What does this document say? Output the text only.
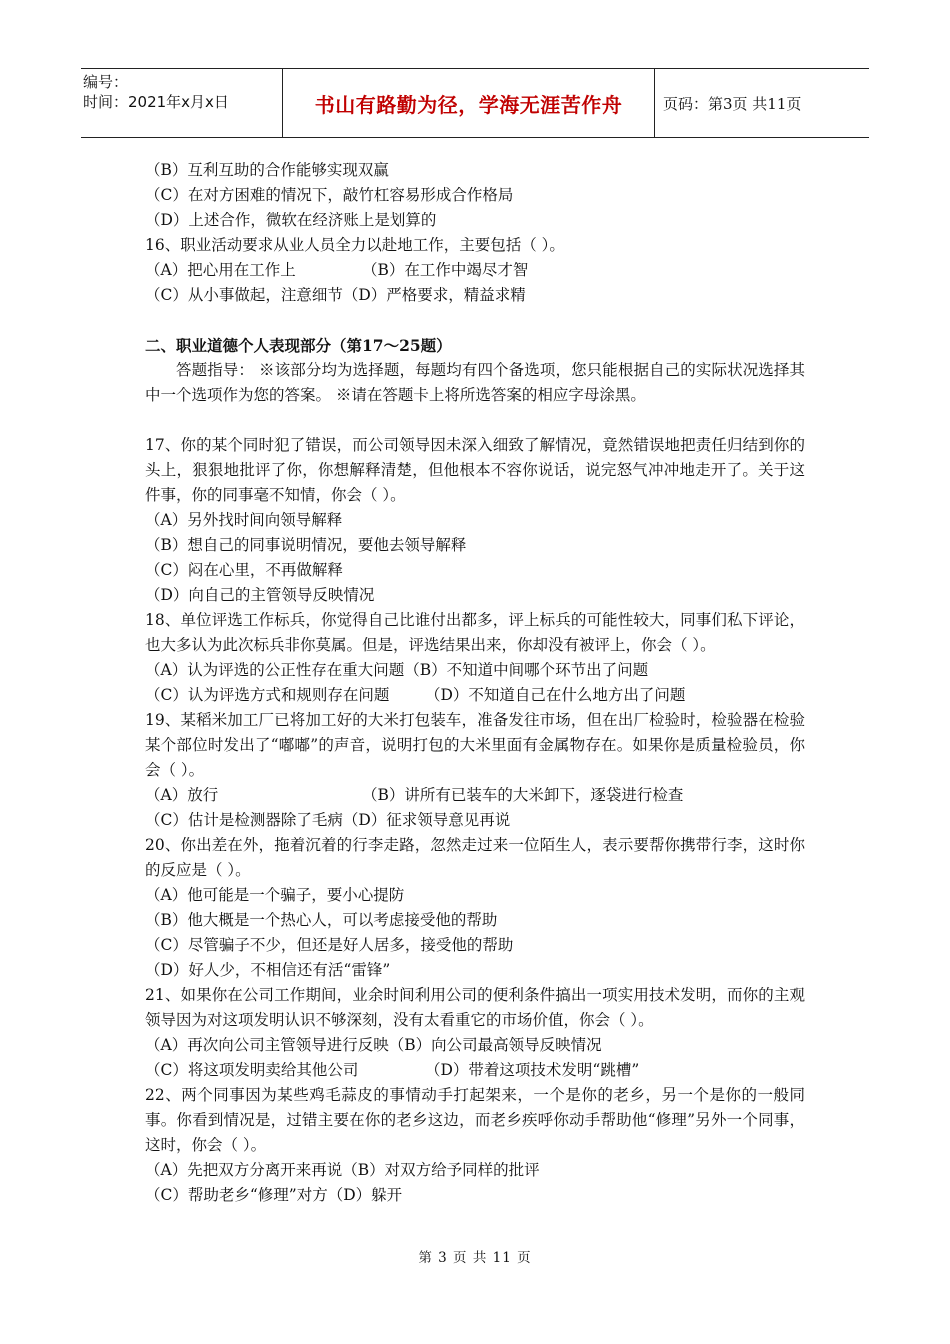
编号：
时间：2021年x月x日	书山有路勤为径，学海无涯苦作舟	页码：第3页 共11页
（B）互利互助的合作能够实现双赢
（C）在对方困难的情况下，敲竹杠容易形成合作格局
（D）上述合作，微软在经济账上是划算的
16、职业活动要求从业人员全力以赴地工作，主要包括（ ）。
（A）把心用在工作上	（B）在工作中竭尽才智
（C）从小事做起，注意细节（D）严格要求，精益求精
二、职业道德个人表现部分（第17～25题）
答题指导： ※该部分均为选择题，每题均有四个备选项，您只能根据自己的实际状况选择其中一个选项作为您的答案。 ※请在答题卡上将所选答案的相应字母涂黑。
17、你的某个同时犯了错误，而公司领导因未深入细致了解情况，竟然错误地把责任归结到你的头上，狠狠地批评了你，你想解释清楚，但他根本不容你说话，说完怒气冲冲地走开了。关于这件事，你的同事毫不知情，你会（ ）。
（A）另外找时间向领导解释
（B）想自己的同事说明情况，要他去领导解释
（C）闷在心里，不再做解释
（D）向自己的主管领导反映情况
18、单位评选工作标兵，你觉得自己比谁付出都多，评上标兵的可能性较大，同事们私下评论，也大多认为此次标兵非你莫属。但是，评选结果出来，你却没有被评上，你会（ ）。
（A）认为评选的公正性存在重大问题（B）不知道中间哪个环节出了问题
（C）认为评选方式和规则存在问题 （D）不知道自己在什么地方出了问题
19、某稻米加工厂已将加工好的大米打包装车，准备发往市场，但在出厂检验时，检验器在检验某个部位时发出了“嘟嘟”的声音，说明打包的大米里面有金属物存在。如果你是质量检验员，你会（ ）。
（A）放行	（B）讲所有已装车的大米卸下，逐袋进行检查
（C）估计是检测器除了毛病（D）征求领导意见再说
20、你出差在外，拖着沉着的行李走路，忽然走过来一位陌生人，表示要帮你携带行李，这时你的反应是（ ）。
（A）他可能是一个骗子，要小心提防
（B）他大概是一个热心人，可以考虑接受他的帮助
（C）尽管骗子不少，但还是好人居多，接受他的帮助
（D）好人少，不相信还有活“雷锋”
21、如果你在公司工作期间，业余时间利用公司的便利条件搞出一项实用技术发明，而你的主观领导因为对这项发明认识不够深刻，没有太看重它的市场价值，你会（ ）。
（A）再次向公司主管领导进行反映（B）向公司最高领导反映情况
（C）将这项发明卖给其他公司	（D）带着这项技术发明“跳槽”
22、两个同事因为某些鸡毛蒜皮的事情动手打起架来，一个是你的老乡，另一个是你的一般同事。你看到情况是，过错主要在你的老乡这边，而老乡疾呼你动手帮助他“修理”另外一个同事，这时，你会（ ）。
（A）先把双方分离开来再说（B）对双方给予同样的批评
（C）帮助老乡“修理”对方（D）躲开
第 3 页 共 11 页
